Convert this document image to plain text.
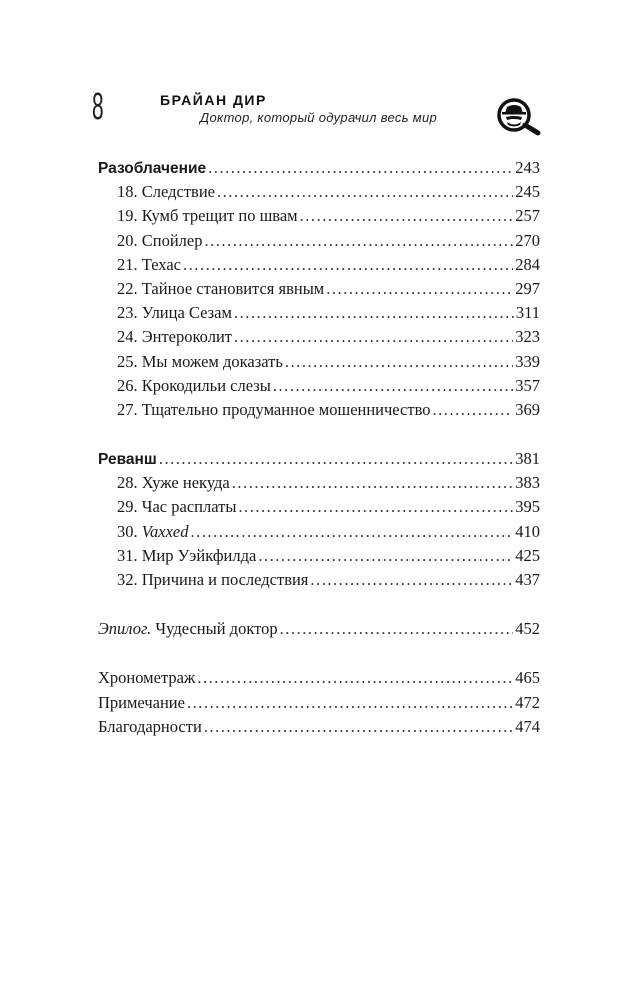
8	БРАЙАН ДИР
Доктор, который одурачил весь мир
Разоблачение . . .	243
18. Следствие . . .	245
19. Кумб трещит по швам . . .	257
20. Спойлер . . .	270
21. Техас . . .	284
22. Тайное становится явным . . .	297
23. Улица Сезам . . .	311
24. Энтероколит . . .	323
25. Мы можем доказать . . .	339
26. Крокодильи слезы . . .	357
27. Тщательно продуманное мошенничество . . .	369
Реванш . . .	381
28. Хуже некуда . . .	383
29. Час расплаты . . .	395
30. Vaxxed . . .	410
31. Мир Уэйкфилда . . .	425
32. Причина и последствия . . .	437
Эпилог. Чудесный доктор . . .	452
Хронометраж . . .	465
Примечание . . .	472
Благодарности . . .	474
